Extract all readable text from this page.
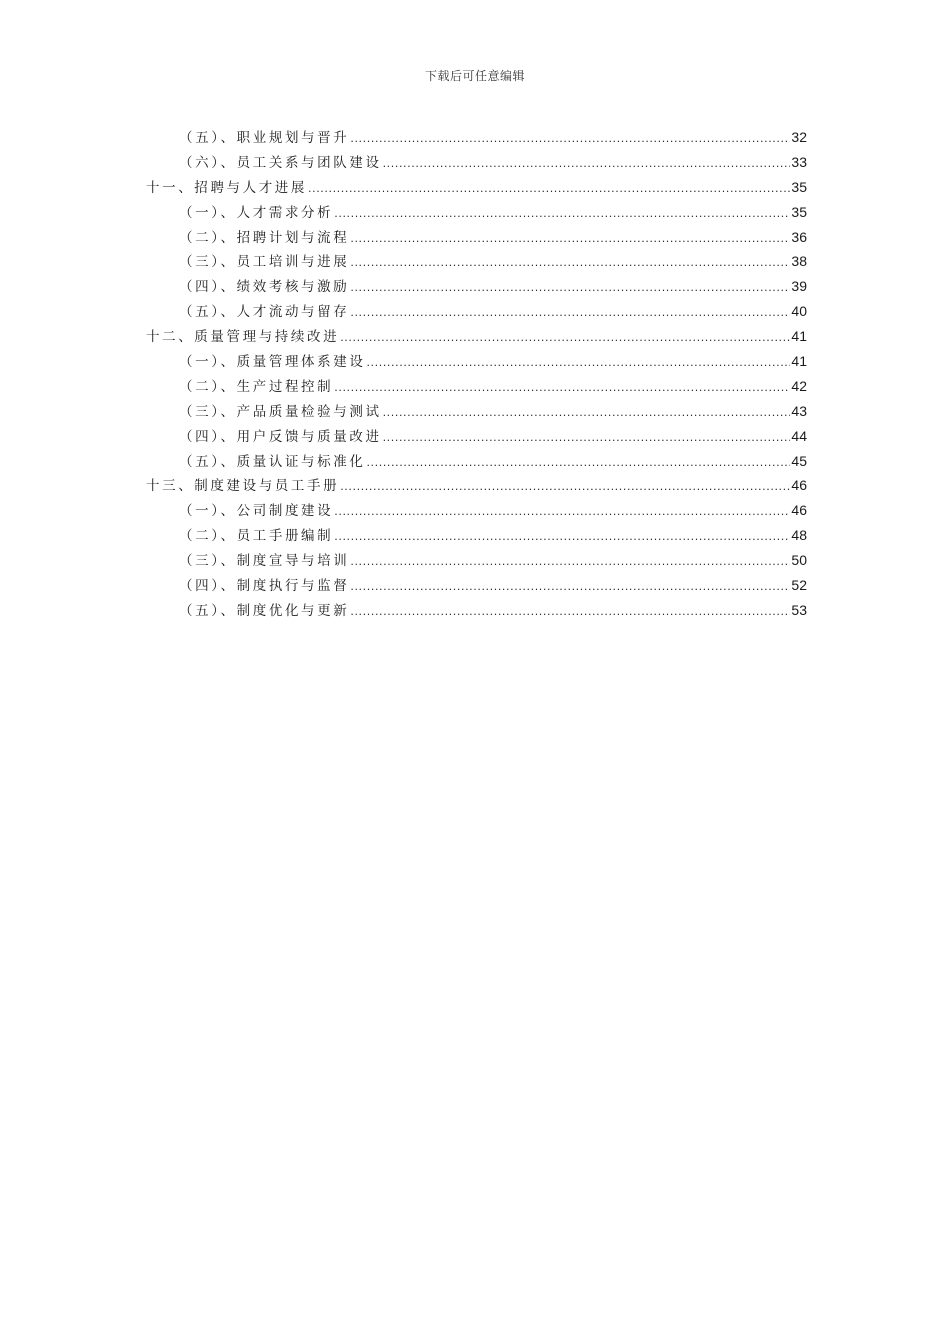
下载后可任意编辑
（五）、职业规划与晋升 .....	32
（六）、员工关系与团队建设 .....	33
十一、招聘与人才进展 .....	35
（一）、人才需求分析 .....	35
（二）、招聘计划与流程 .....	36
（三）、员工培训与进展 .....	38
（四）、绩效考核与激励 .....	39
（五）、人才流动与留存 .....	40
十二、质量管理与持续改进 .....	41
（一）、质量管理体系建设 .....	41
（二）、生产过程控制 .....	42
（三）、产品质量检验与测试 .....	43
（四）、用户反馈与质量改进 .....	44
（五）、质量认证与标准化 .....	45
十三、制度建设与员工手册 .....	46
（一）、公司制度建设 .....	46
（二）、员工手册编制 .....	48
（三）、制度宣导与培训 .....	50
（四）、制度执行与监督 .....	52
（五）、制度优化与更新 .....	53
